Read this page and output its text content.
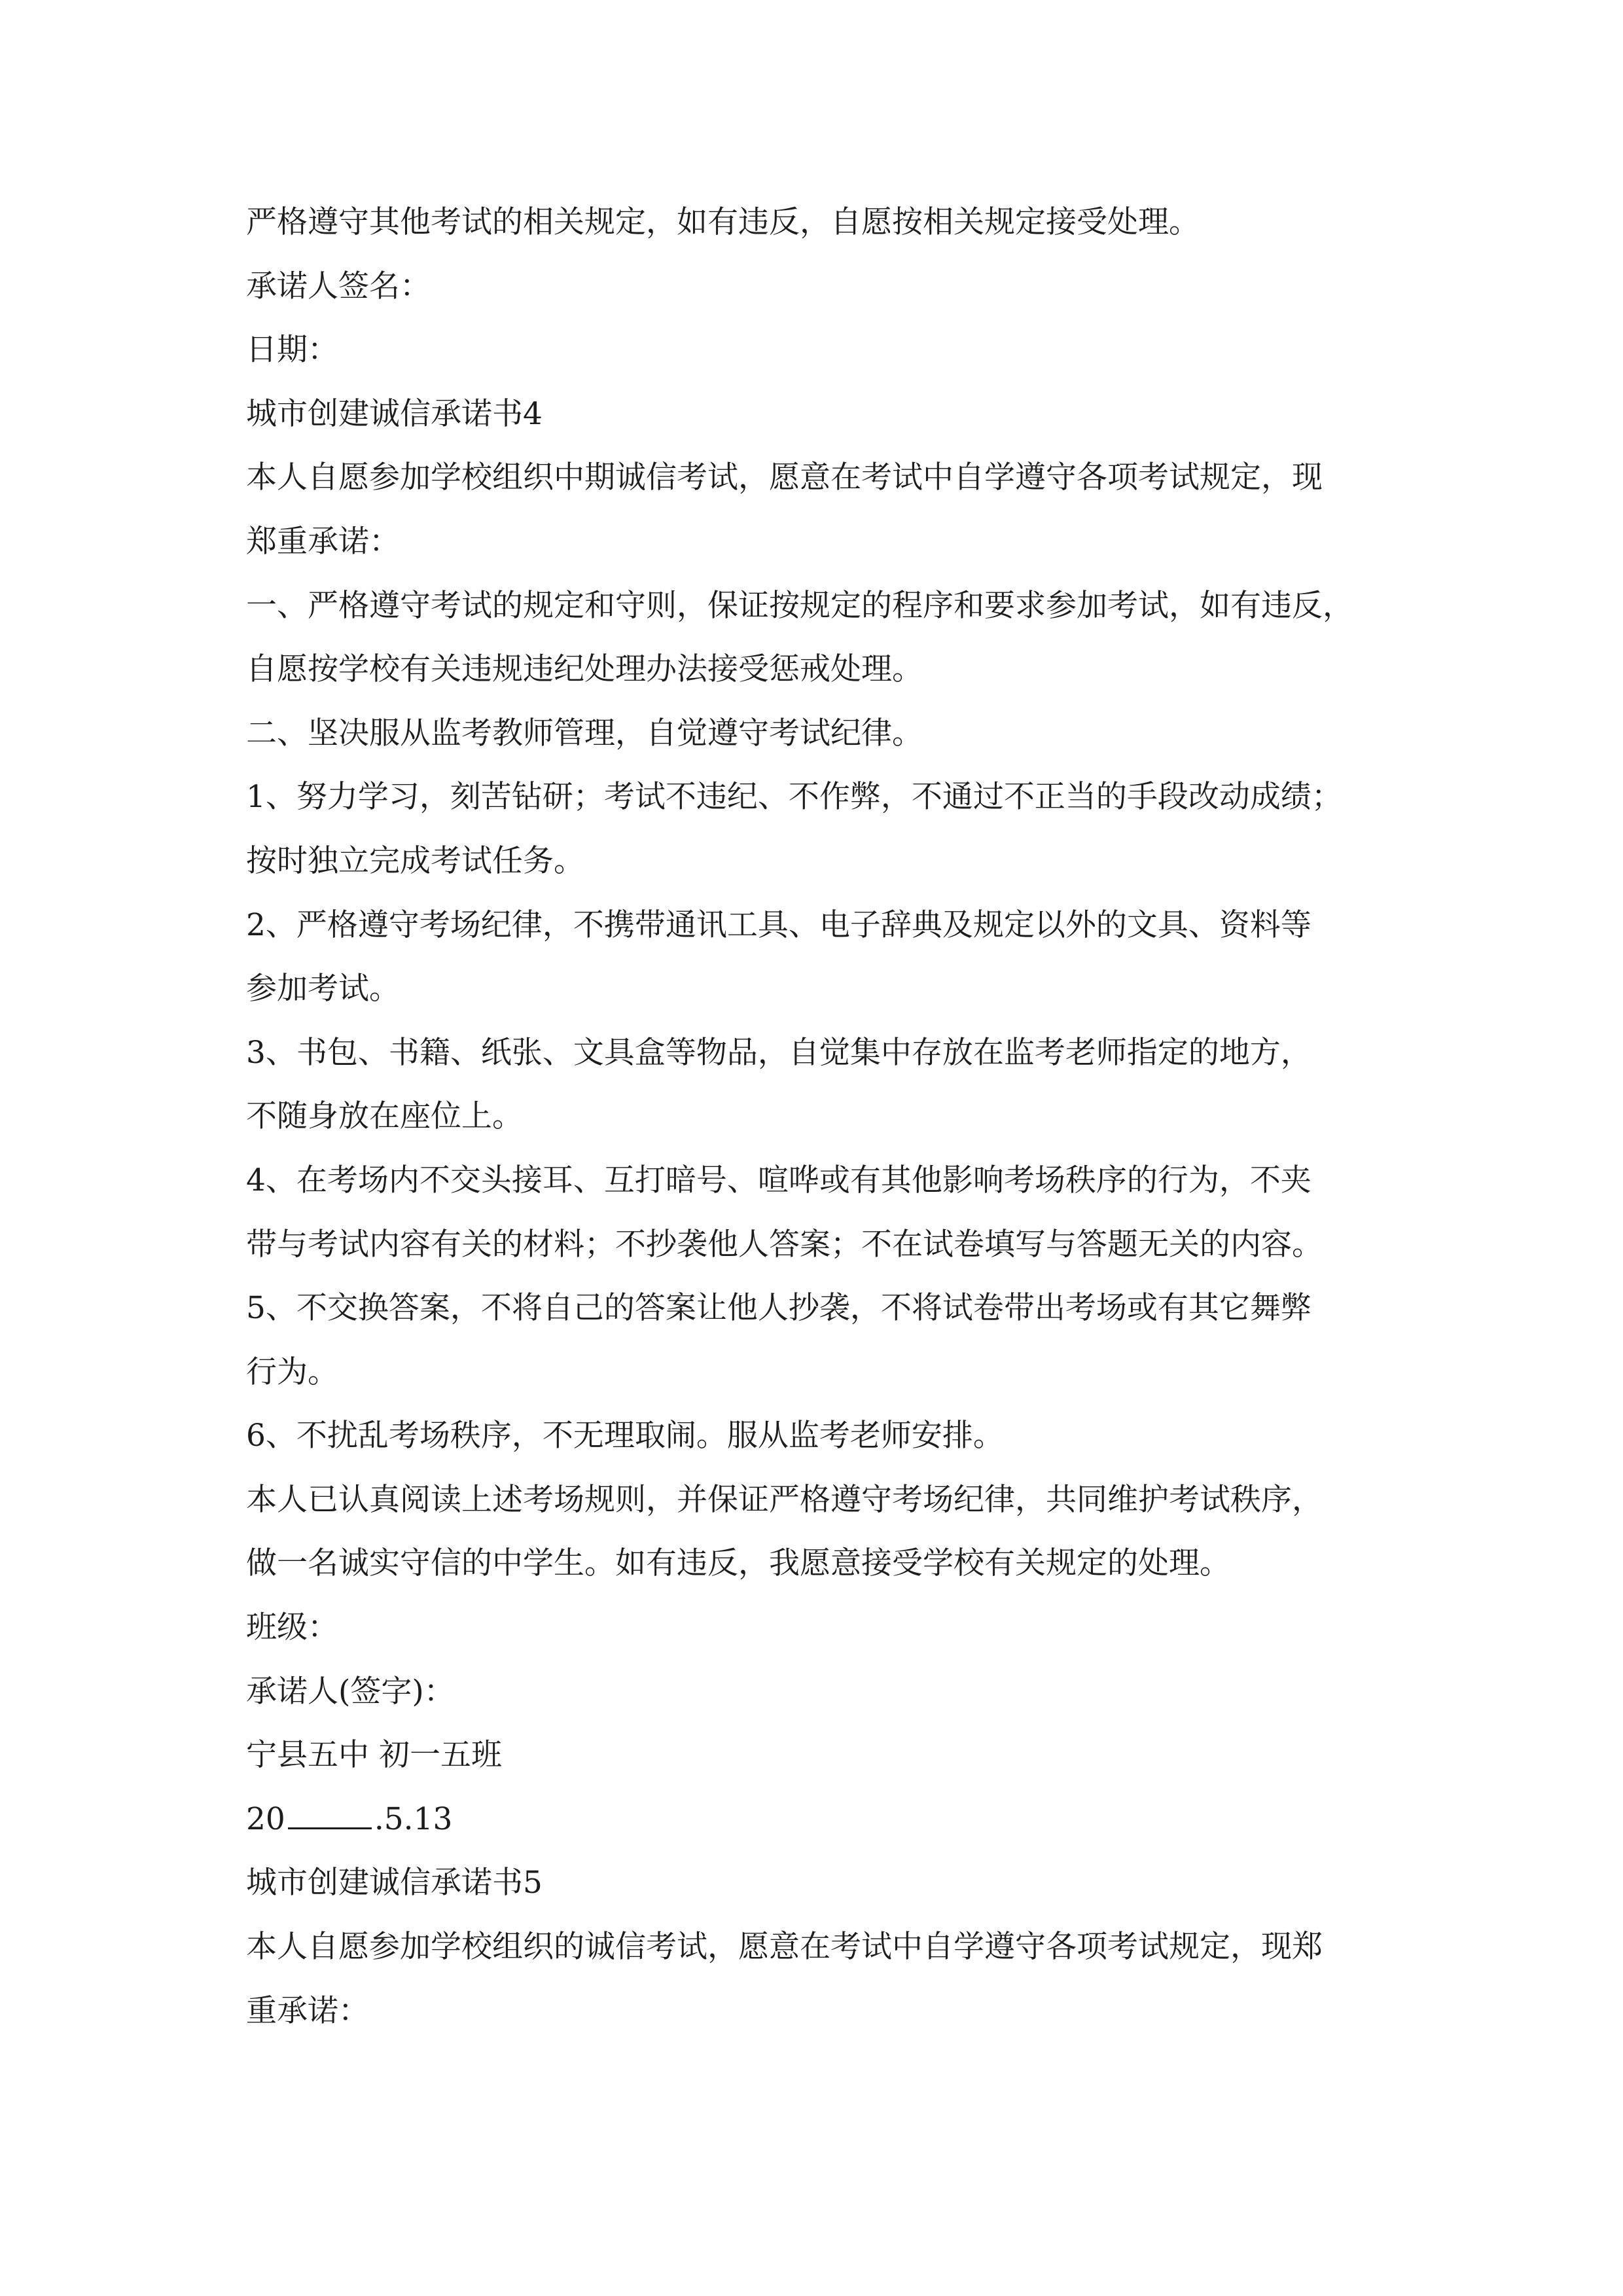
严格遵守其他考试的相关规定，如有违反，自愿按相关规定接受处理。
承诺人签名：
日期：
城市创建诚信承诺书4
本人自愿参加学校组织中期诚信考试，愿意在考试中自学遵守各项考试规定，现
郑重承诺：
一、严格遵守考试的规定和守则，保证按规定的程序和要求参加考试，如有违反，
自愿按学校有关违规违纪处理办法接受惩戒处理。
二、坚决服从监考教师管理，自觉遵守考试纪律。
1、努力学习，刻苦钻研；考试不违纪、不作弊，不通过不正当的手段改动成绩；
按时独立完成考试任务。
2、严格遵守考场纪律，不携带通讯工具、电子辞典及规定以外的文具、资料等
参加考试。
3、书包、书籍、纸张、文具盒等物品，自觉集中存放在监考老师指定的地方，
不随身放在座位上。
4、在考场内不交头接耳、互打暗号、喧哗或有其他影响考场秩序的行为，不夹
带与考试内容有关的材料；不抄袭他人答案；不在试卷填写与答题无关的内容。
5、不交换答案，不将自己的答案让他人抄袭，不将试卷带出考场或有其它舞弊
行为。
6、不扰乱考场秩序，不无理取闹。服从监考老师安排。
本人已认真阅读上述考场规则，并保证严格遵守考场纪律，共同维护考试秩序，
做一名诚实守信的中学生。如有违反，我愿意接受学校有关规定的处理。
班级：
承诺人(签字)：
宁县五中 初一五班
20	.5.13
城市创建诚信承诺书5
本人自愿参加学校组织的诚信考试，愿意在考试中自学遵守各项考试规定，现郑
重承诺：
